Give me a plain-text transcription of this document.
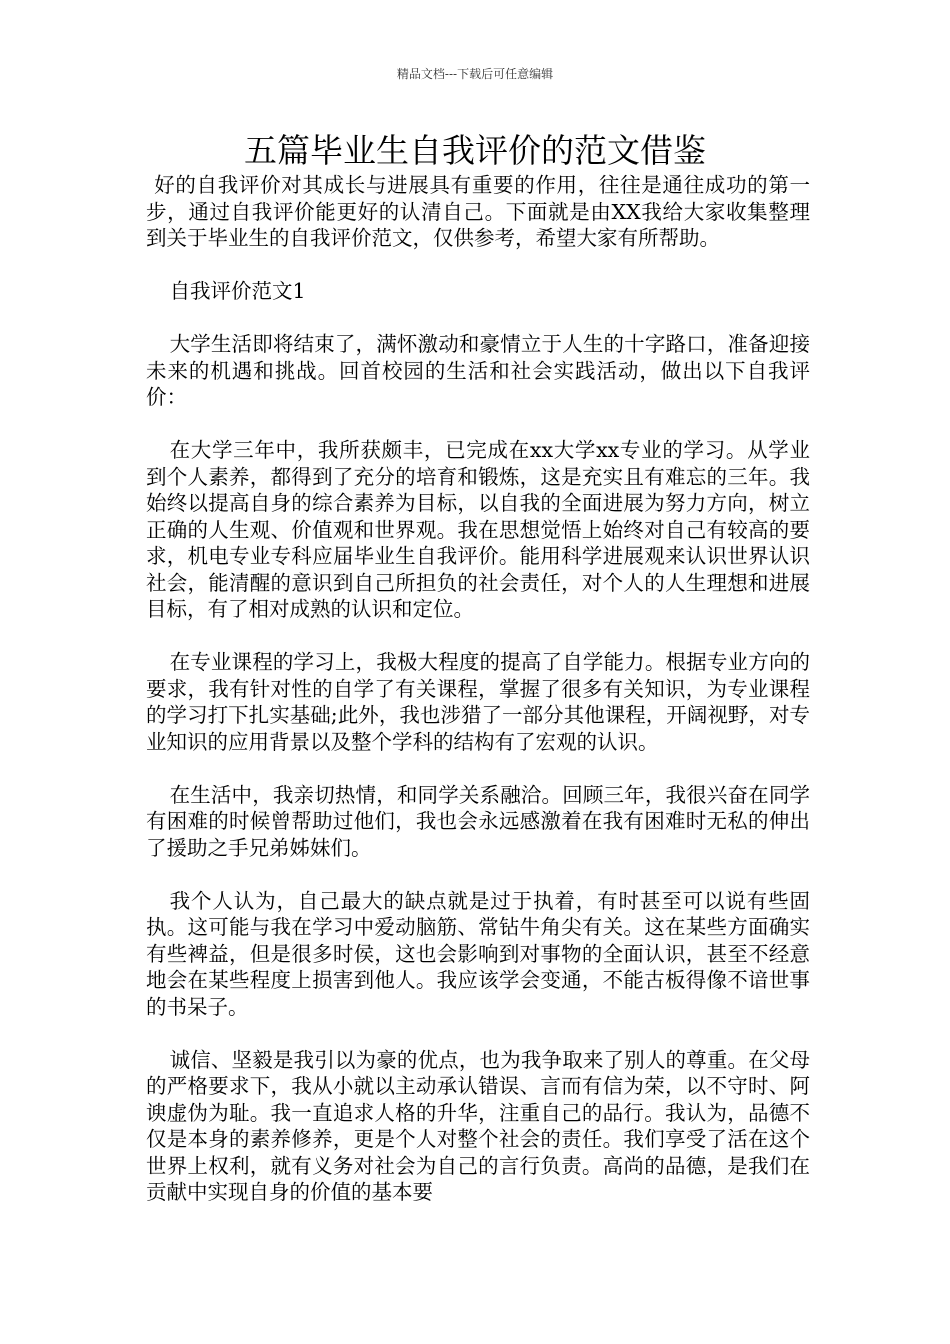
精品文档---下载后可任意编辑
五篇毕业生自我评价的范文借鉴

好的自我评价对其成长与进展具有重要的作用，往往是通往成功的第一步，通过自我评价能更好的认清自己。下面就是由XX我给大家收集整理到关于毕业生的自我评价范文，仅供参考，希望大家有所帮助。

自我评价范文1

大学生活即将结束了，满怀激动和豪情立于人生的十字路口，准备迎接未来的机遇和挑战。回首校园的生活和社会实践活动，做出以下自我评价：

在大学三年中，我所获颇丰，已完成在xx大学xx专业的学习。从学业到个人素养，都得到了充分的培育和锻炼，这是充实且有难忘的三年。我始终以提高自身的综合素养为目标，以自我的全面进展为努力方向，树立正确的人生观、价值观和世界观。我在思想觉悟上始终对自己有较高的要求，机电专业专科应届毕业生自我评价。能用科学进展观来认识世界认识社会，能清醒的意识到自己所担负的社会责任，对个人的人生理想和进展目标，有了相对成熟的认识和定位。

在专业课程的学习上，我极大程度的提高了自学能力。根据专业方向的要求，我有针对性的自学了有关课程，掌握了很多有关知识，为专业课程的学习打下扎实基础;此外，我也涉猎了一部分其他课程，开阔视野，对专业知识的应用背景以及整个学科的结构有了宏观的认识。

在生活中，我亲切热情，和同学关系融洽。回顾三年，我很兴奋在同学有困难的时候曾帮助过他们，我也会永远感激着在我有困难时无私的伸出了援助之手兄弟姊妹们。

我个人认为，自己最大的缺点就是过于执着，有时甚至可以说有些固执。这可能与我在学习中爱动脑筋、常钻牛角尖有关。这在某些方面确实有些裨益，但是很多时侯，这也会影响到对事物的全面认识，甚至不经意地会在某些程度上损害到他人。我应该学会变通，不能古板得像不谙世事的书呆子。

诚信、坚毅是我引以为豪的优点，也为我争取来了别人的尊重。在父母的严格要求下，我从小就以主动承认错误、言而有信为荣，以不守时、阿谀虚伪为耻。我一直追求人格的升华，注重自己的品行。我认为，品德不仅是本身的素养修养，更是个人对整个社会的责任。我们享受了活在这个世界上权利，就有义务对社会为自己的言行负责。高尚的品德，是我们在贡献中实现自身的价值的基本要
